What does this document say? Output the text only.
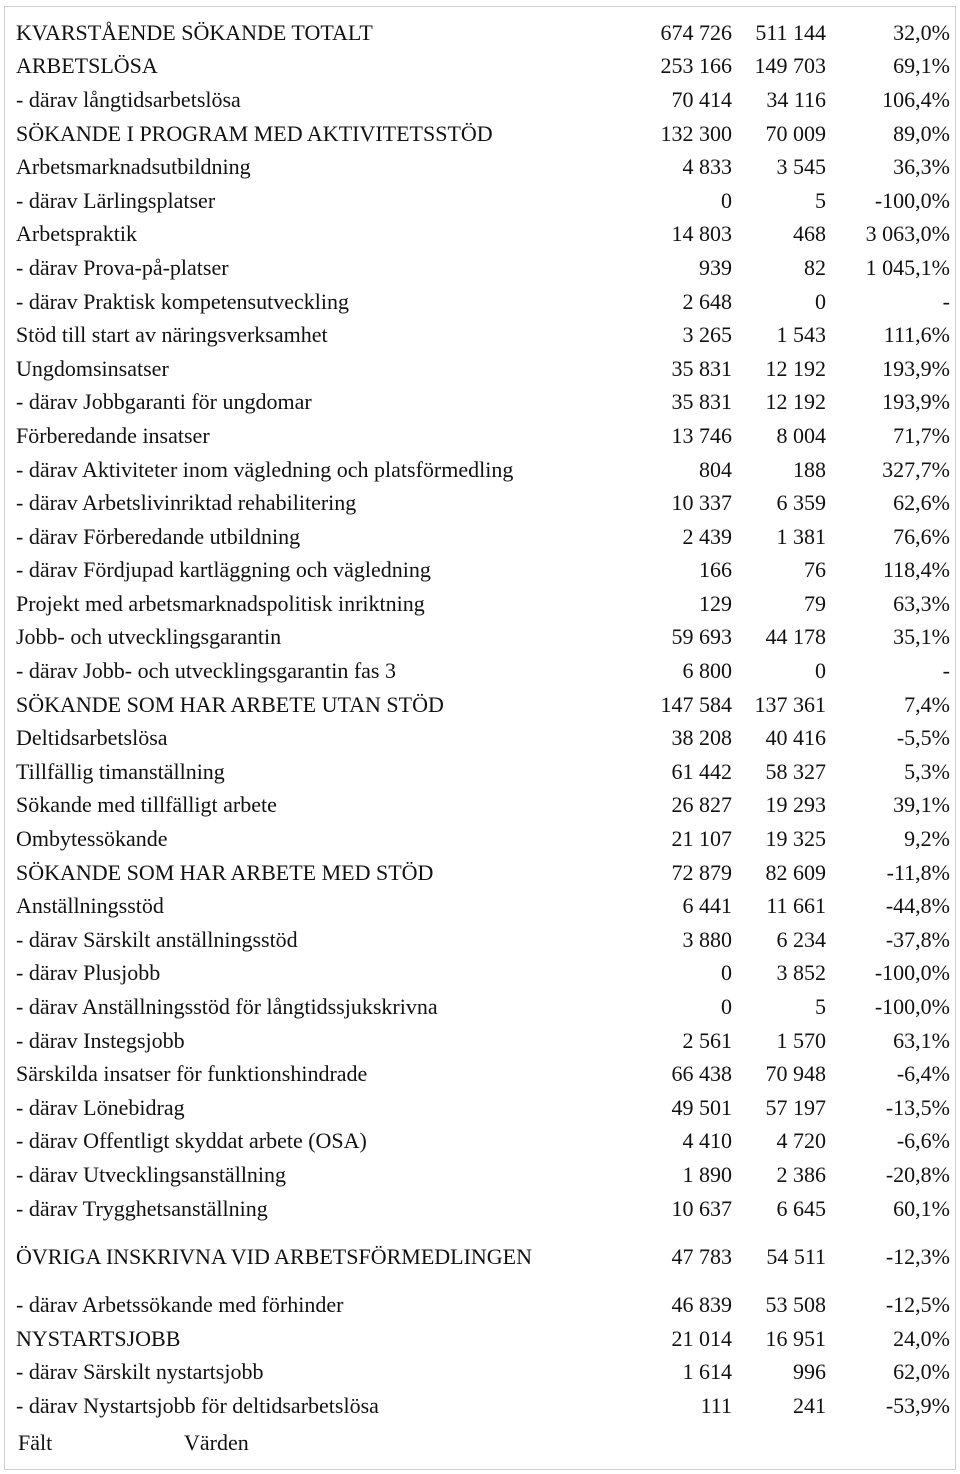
KVARSTÅENDE SÖKANDE TOTALT	674 726	511 144	32,0%
ARBETSLÖSA	253 166	149 703	69,1%
- därav långtidsarbetslösa	70 414	34 116	106,4%
SÖKANDE I PROGRAM MED AKTIVITETSSTÖD	132 300	70 009	89,0%
Arbetsmarknadsutbildning	4 833	3 545	36,3%
- därav Lärlingsplatser	0	5	-100,0%
Arbetspraktik	14 803	468	3 063,0%
- därav Prova-på-platser	939	82	1 045,1%
- därav Praktisk kompetensutveckling	2 648	0	-
Stöd till start av näringsverksamhet	3 265	1 543	111,6%
Ungdomsinsatser	35 831	12 192	193,9%
- därav Jobbgaranti för ungdomar	35 831	12 192	193,9%
Förberedande insatser	13 746	8 004	71,7%
- därav Aktiviteter inom vägledning och platsförmedling	804	188	327,7%
- därav Arbetslivinriktad rehabilitering	10 337	6 359	62,6%
- därav Förberedande utbildning	2 439	1 381	76,6%
- därav Fördjupad kartläggning och vägledning	166	76	118,4%
Projekt med arbetsmarknadspolitisk inriktning	129	79	63,3%
Jobb- och utvecklingsgarantin	59 693	44 178	35,1%
- därav Jobb- och utvecklingsgarantin fas 3	6 800	0	-
SÖKANDE SOM HAR ARBETE UTAN STÖD	147 584	137 361	7,4%
Deltidsarbetslösa	38 208	40 416	-5,5%
Tillfällig timanställning	61 442	58 327	5,3%
Sökande med tillfälligt arbete	26 827	19 293	39,1%
Ombytessökande	21 107	19 325	9,2%
SÖKANDE SOM HAR ARBETE MED STÖD	72 879	82 609	-11,8%
Anställningsstöd	6 441	11 661	-44,8%
- därav Särskilt anställningsstöd	3 880	6 234	-37,8%
- därav Plusjobb	0	3 852	-100,0%
- därav Anställningsstöd för långtidssjukskrivna	0	5	-100,0%
- därav Instegsjobb	2 561	1 570	63,1%
Särskilda insatser för funktionshindrade	66 438	70 948	-6,4%
- därav Lönebidrag	49 501	57 197	-13,5%
- därav Offentligt skyddat arbete (OSA)	4 410	4 720	-6,6%
- därav Utvecklingsanställning	1 890	2 386	-20,8%
- därav Trygghetsanställning	10 637	6 645	60,1%
ÖVRIGA INSKRIVNA VID ARBETSFÖRMEDLINGEN	47 783	54 511	-12,3%
- därav Arbetssökande med förhinder	46 839	53 508	-12,5%
NYSTARTSJOBB	21 014	16 951	24,0%
- därav Särskilt nystartsjobb	1 614	996	62,0%
- därav Nystartsjobb för deltidsarbetslösa	111	241	-53,9%
Fält	Värden
